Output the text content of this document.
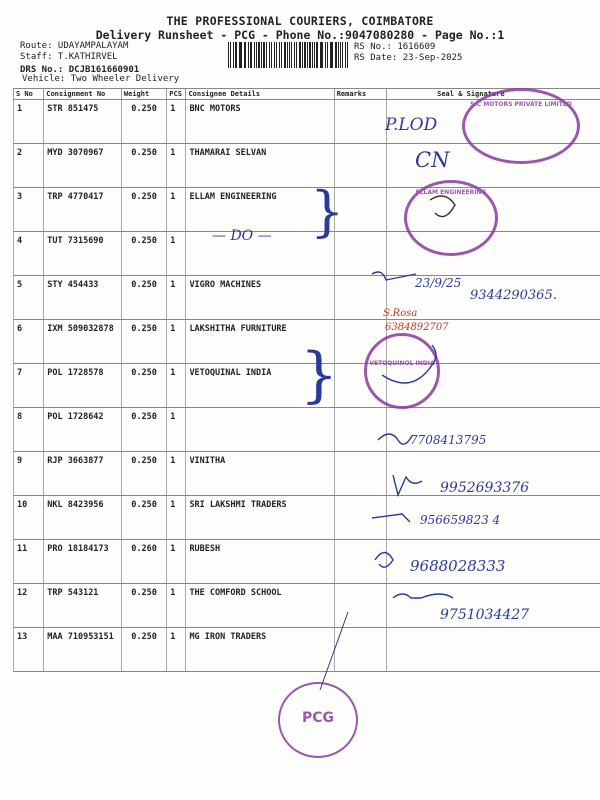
THE PROFESSIONAL COURIERS, COIMBATORE
Delivery Runsheet - PCG - Phone No.:9047080280 - Page No.:1
Route: UDAYAMPALAYAM
Staff: T.KATHIRVEL
DRS No.: DCJB161660901
Vehicle: Two Wheeler Delivery
RS No.: 1616609
RS Date: 23-Sep-2025
S No	Consignment No	Weight	PCS	Consignee Details	Remarks	Seal & Signature
1	STR 851475	0.250	1	BNC MOTORS		
2	MYD 3070967	0.250	1	THAMARAI SELVAN		
3	TRP 4770417	0.250	1	ELLAM ENGINEERING		
4	TUT 7315690	0.250	1			
5	STY 454433	0.250	1	VIGRO MACHINES		
6	IXM 509032878	0.250	1	LAKSHITHA FURNITURE		
7	POL 1728578	0.250	1	VETOQUINAL INDIA		
8	POL 1728642	0.250	1			
9	RJP 3663877	0.250	1	VINITHA		
10	NKL 8423956	0.250	1	SRI LAKSHMI TRADERS		
11	PRO 18184173	0.260	1	RUBESH		
12	TRP 543121	0.250	1	THE COMFORD SCHOOL		
13	MAA 710953151	0.250	1	MG IRON TRADERS		
P.LOD
CN
— DO — }
}
23/9/25
9344290365.
S.Rosa
6384892707
7708413795
9952693376
956659823 4
9688028333
9751034427
S.C MOTORS PRIVATE LIMITED
ELLAM ENGINEERING
VETOQUINOL INDIA
PCG
